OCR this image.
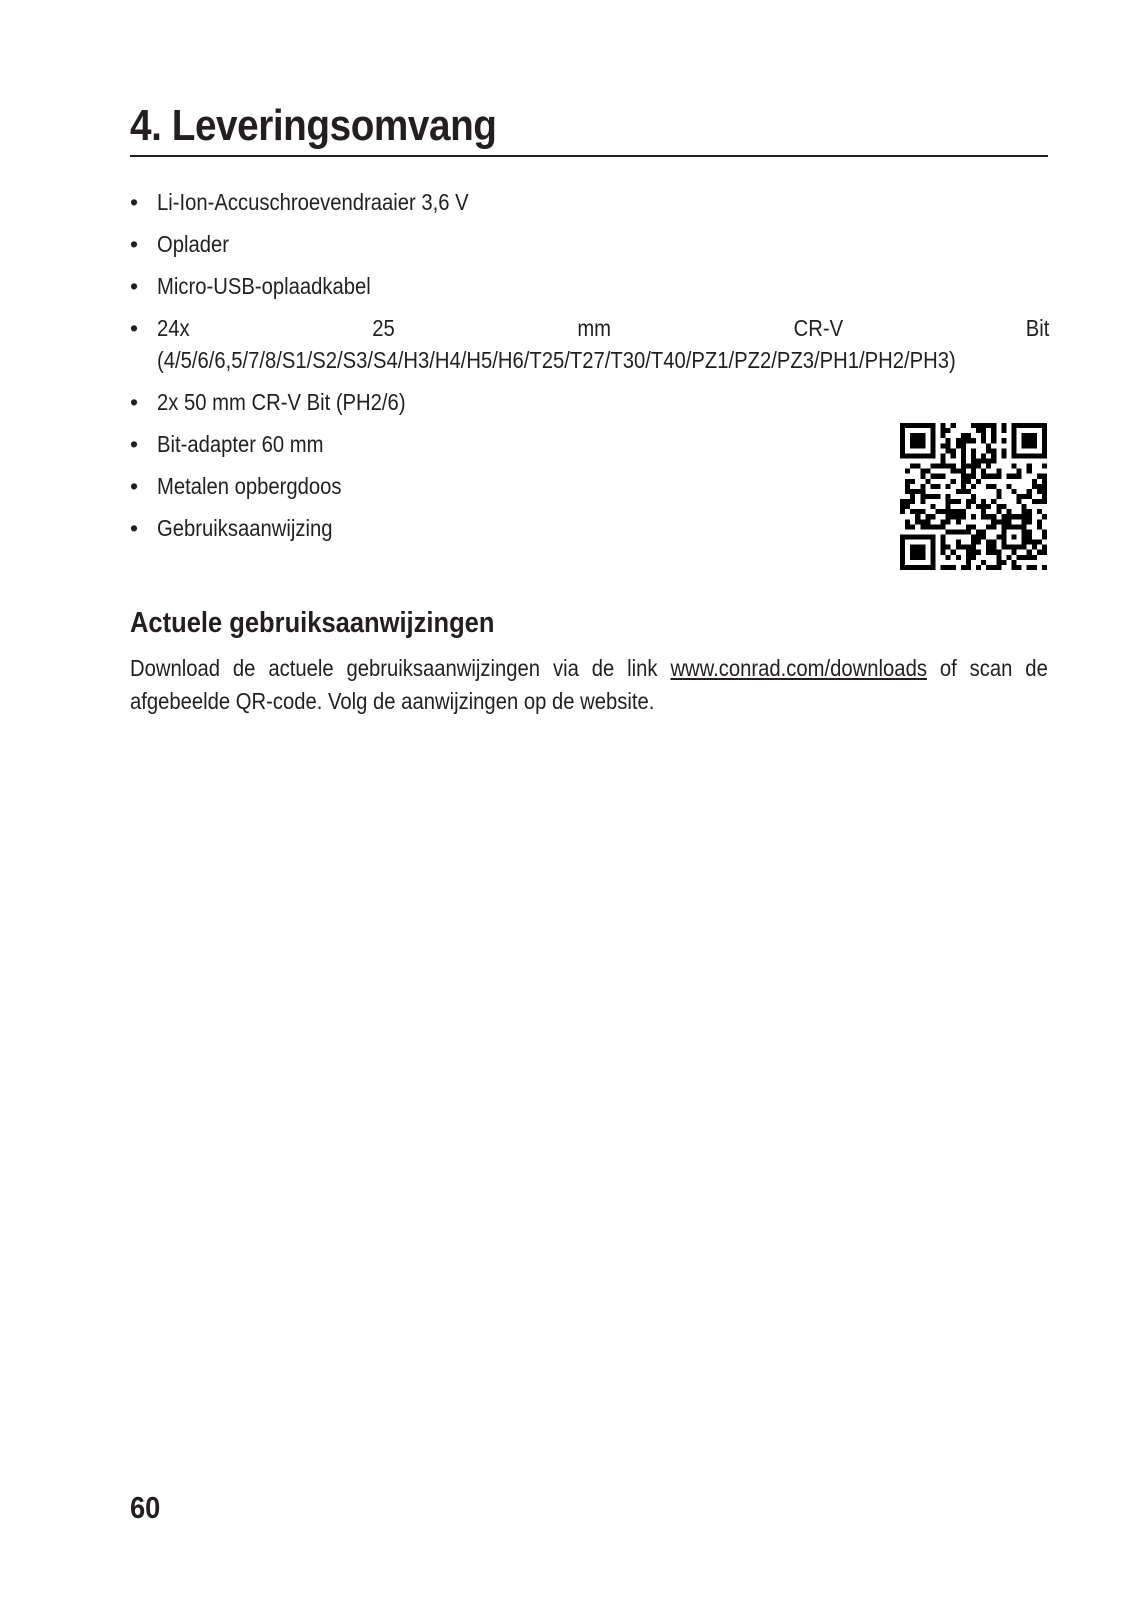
4. Leveringsomvang
• Li-Ion-Accuschroevendraaier 3,6 V
• Oplader
• Micro-USB-oplaadkabel
• 24x 25 mm CR-V Bit (4/5/6/6,5/7/8/S1/S2/S3/S4/H3/H4/H5/H6/T25/T27/T30/T40/PZ1/PZ2/PZ3/PH1/PH2/PH3)
• 2x 50 mm CR-V Bit (PH2/6)
• Bit-adapter 60 mm
• Metalen opbergdoos
• Gebruiksaanwijzing
Actuele gebruiksaanwijzingen

Download de actuele gebruiksaanwijzingen via de link www.conrad.com/downloads of scan de afgebeelde QR-code. Volg de aanwijzingen op de website.

60
